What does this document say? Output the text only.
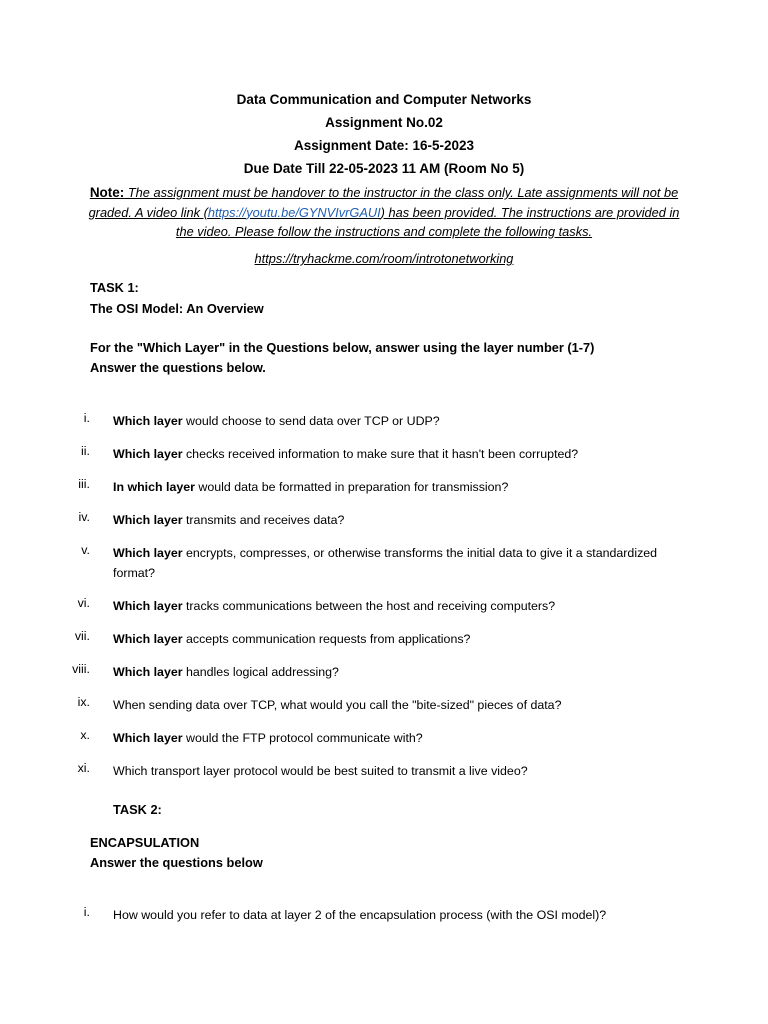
Data Communication and Computer Networks
Assignment No.02
Assignment Date: 16-5-2023
Due Date Till 22-05-2023 11 AM (Room No 5)
Note: The assignment must be handover to the instructor in the class only. Late assignments will not be graded. A video link (https://youtu.be/GYNVIvrGAUI) has been provided. The instructions are provided in the video. Please follow the instructions and complete the following tasks.
https://tryhackme.com/room/introtonetworking
TASK 1:
The OSI Model: An Overview
For the "Which Layer" in the Questions below, answer using the layer number (1-7)
Answer the questions below.
i. Which layer would choose to send data over TCP or UDP?
ii. Which layer checks received information to make sure that it hasn't been corrupted?
iii. In which layer would data be formatted in preparation for transmission?
iv. Which layer transmits and receives data?
v. Which layer encrypts, compresses, or otherwise transforms the initial data to give it a standardized format?
vi. Which layer tracks communications between the host and receiving computers?
vii. Which layer accepts communication requests from applications?
viii. Which layer handles logical addressing?
ix. When sending data over TCP, what would you call the "bite-sized" pieces of data?
x. Which layer would the FTP protocol communicate with?
xi. Which transport layer protocol would be best suited to transmit a live video?
TASK 2:
ENCAPSULATION
Answer the questions below
i. How would you refer to data at layer 2 of the encapsulation process (with the OSI model)?
